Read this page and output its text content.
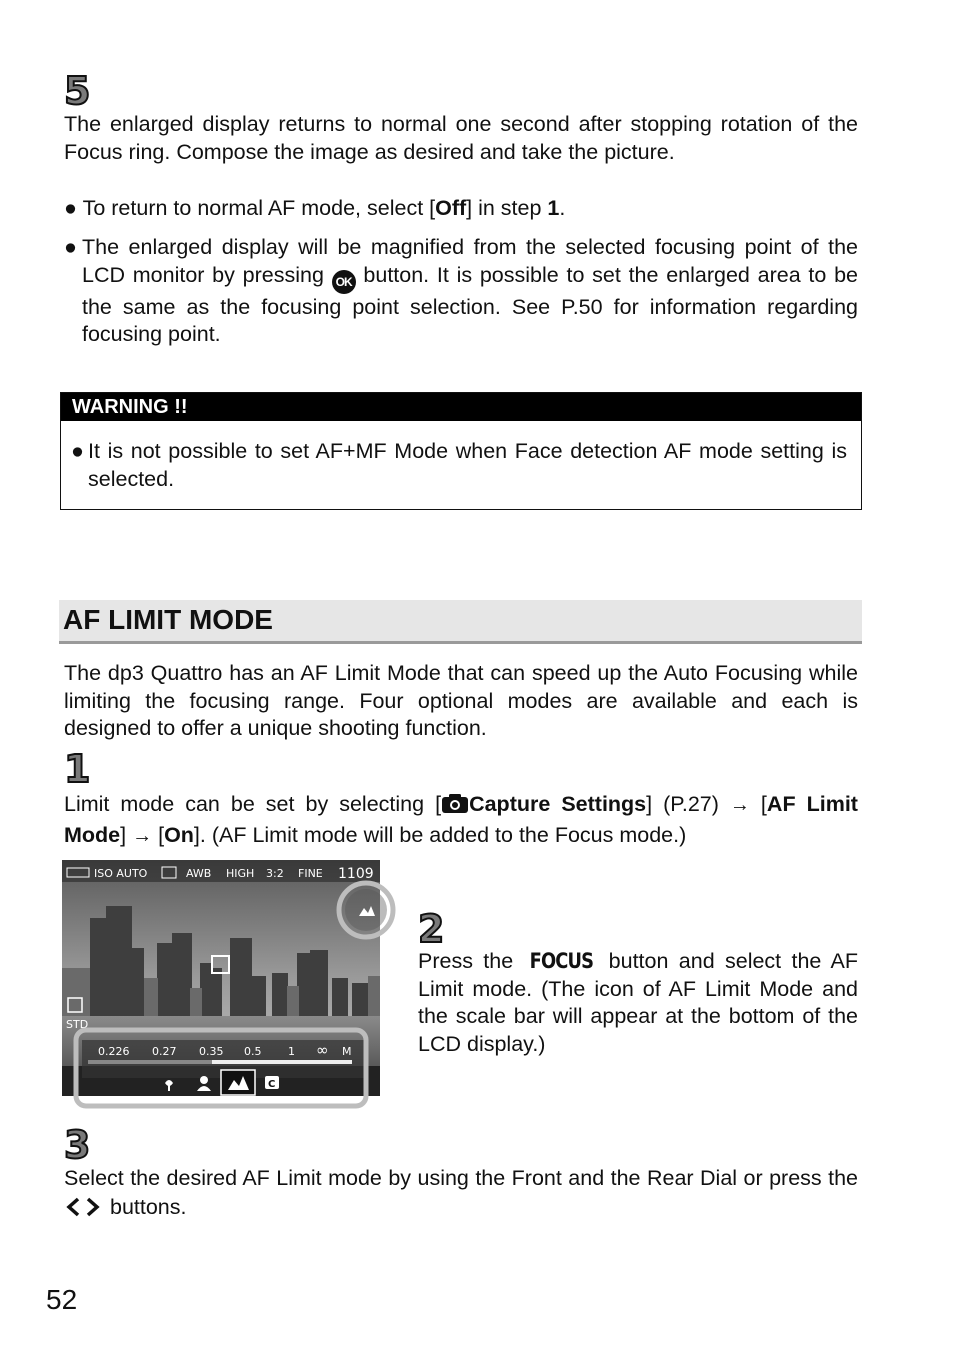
5
The enlarged display returns to normal one second after stopping rotation of the Focus ring. Compose the image as desired and take the picture.
● To return to normal AF mode, select [Off] in step 1.
● The enlarged display will be magnified from the selected focusing point of the LCD monitor by pressing OK button. It is possible to set the enlarged area to be the same as the focusing point selection. See P.50 for information regarding focusing point.
WARNING !!
● It is not possible to set AF+MF Mode when Face detection AF mode setting is selected.
AF LIMIT MODE
The dp3 Quattro has an AF Limit Mode that can speed up the Auto Focusing while limiting the focusing range. Four optional modes are available and each is designed to offer a unique shooting function.
1
Limit mode can be set by selecting [ Capture Settings] (P.27) → [AF Limit Mode] → [On]. (AF Limit mode will be added to the Focus mode.)
ISO AUTO	AWB HIGH 3:2 FINE 1109
STD
0.226 0.27 0.35 0.5 1 ∞ M
C
2
Press the FOCUS button and select the AF Limit mode. (The icon of AF Limit Mode and the scale bar will appear at the bottom of the LCD display.)
3
Select the desired AF Limit mode by using the Front and the Rear Dial or press the  buttons.
52
